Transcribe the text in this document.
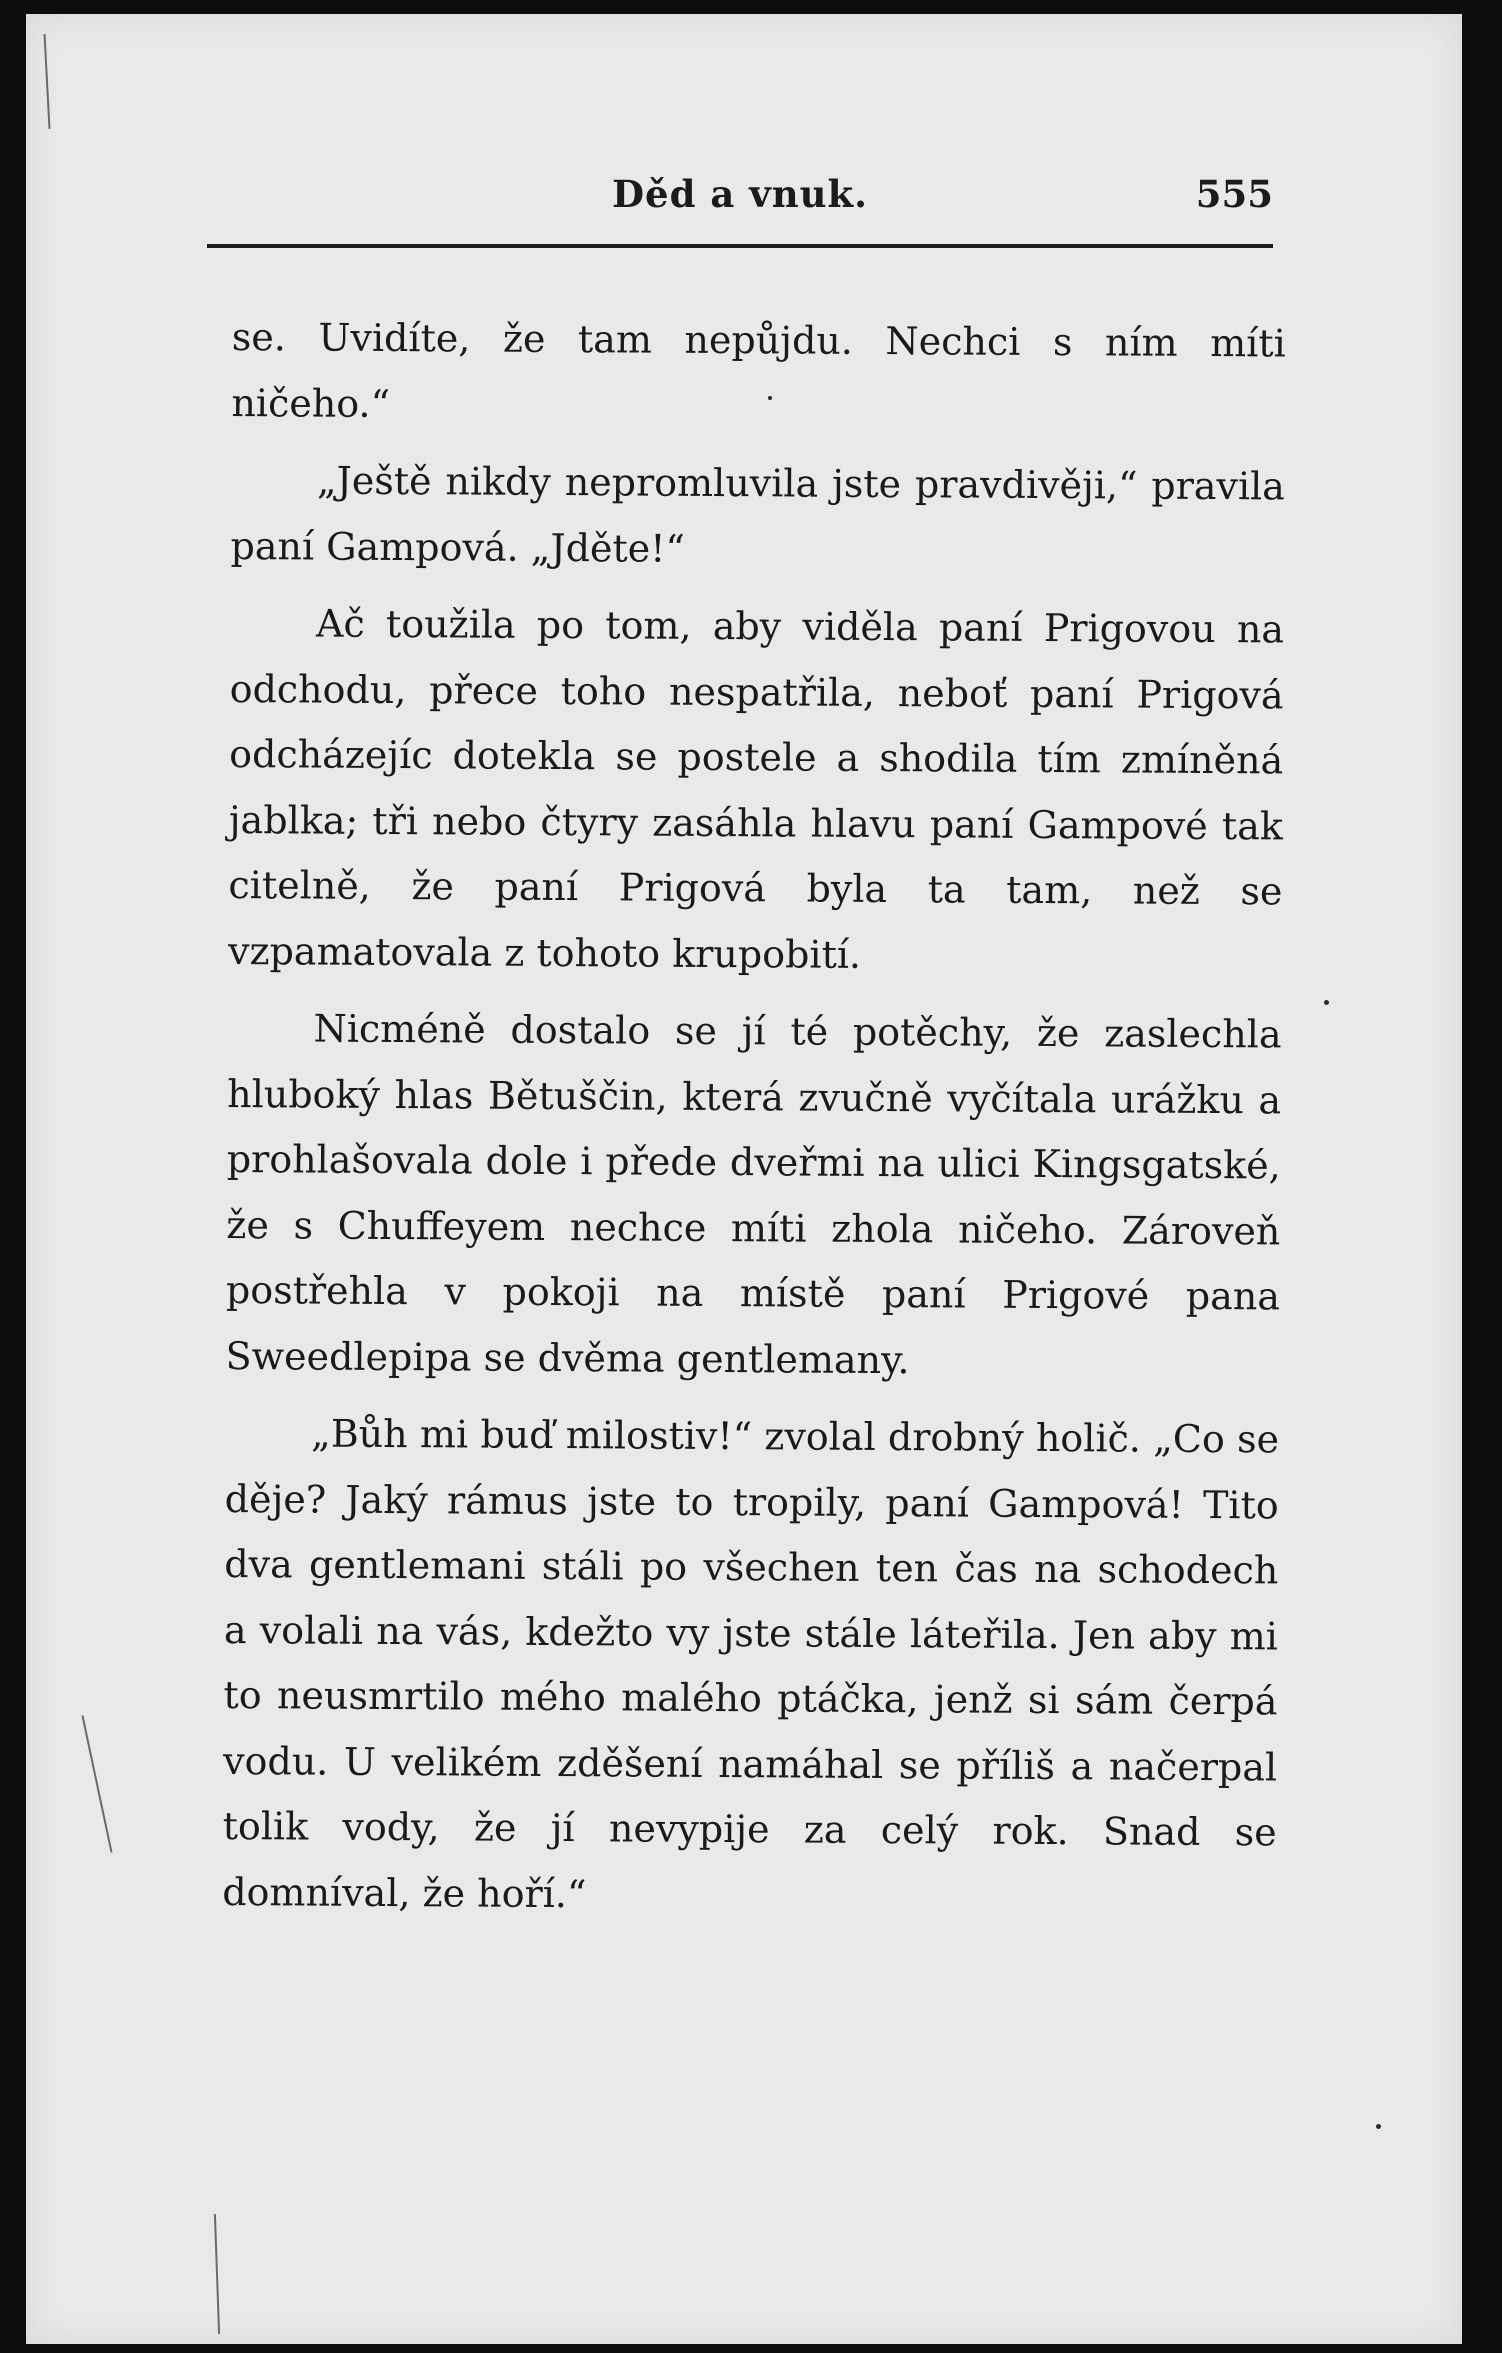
Děd a vnuk.	555

se. Uvidíte, že tam nepůjdu. Nechci s ním míti ničeho.“

„Ještě nikdy nepromluvila jste pravdivěji,“ pravila paní Gampová. „Jděte!“

Ač toužila po tom, aby viděla paní Prigovou na odchodu, přece toho nespatřila, neboť paní Prigová odcházejíc dotekla se postele a shodila tím zmíněná jablka; tři nebo čtyry zasáhla hlavu paní Gampové tak citelně, že paní Prigová byla ta tam, než se vzpamatovala z tohoto krupobití.

Nicméně dostalo se jí té potěchy, že zaslechla hluboký hlas Bětuščin, která zvučně vyčítala urážku a prohlašovala dole i přede dveřmi na ulici Kingsgatské, že s Chuffeyem nechce míti zhola ničeho. Zároveň postřehla v pokoji na místě paní Prigové pana Sweedlepipa se dvěma gentlemany.

„Bůh mi buď milostiv!“ zvolal drobný holič. „Co se děje? Jaký rámus jste to tropily, paní Gampová! Tito dva gentlemani stáli po všechen ten čas na schodech a volali na vás, kdežto vy jste stále láteřila. Jen aby mi to neusmrtilo mého malého ptáčka, jenž si sám čerpá vodu. U velikém zděšení namáhal se příliš a načerpal tolik vody, že jí nevypije za celý rok. Snad se domníval, že hoří.“
